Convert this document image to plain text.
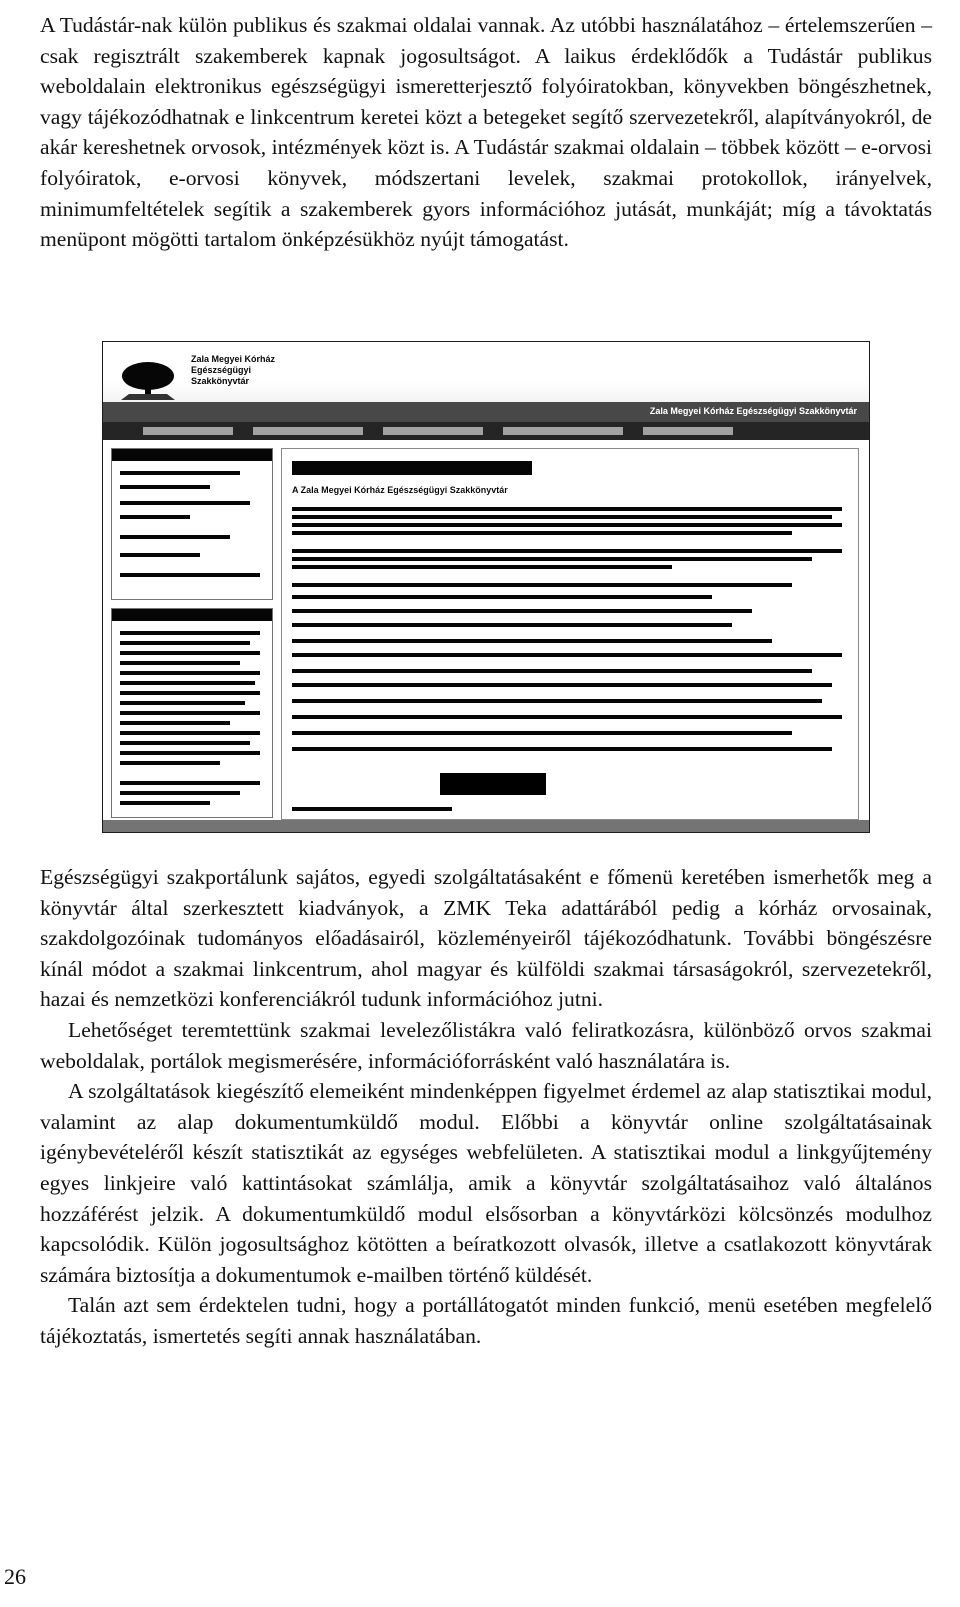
A Tudástár-nak külön publikus és szakmai oldalai vannak. Az utóbbi használatához – értelemszerűen – csak regisztrált szakemberek kapnak jogosultságot. A laikus érdeklődők a Tudástár publikus weboldalain elektronikus egészségügyi ismeretterjesztő folyóiratokban, könyvekben böngészhetnek, vagy tájékozódhatnak e linkcentrum keretei közt a betegeket segítő szervezetekről, alapítványokról, de akár kereshetnek orvosok, intézmények közt is. A Tudástár szakmai oldalain – többek között – e-orvosi folyóiratok, e-orvosi könyvek, módszertani levelek, szakmai protokollok, irányelvek, minimumfeltételek segítik a szakemberek gyors információhoz jutását, munkáját; míg a távoktatás menüpont mögötti tartalom önképzésükhöz nyújt támogatást.

Zala Megyei Kórház
Egészségügyi
Szakkönyvtár
Zala Megyei Kórház Egészségügyi Szakkönyvtár
A Zala Megyei Kórház Egészségügyi Szakkönyvtár

Egészségügyi szakportálunk sajátos, egyedi szolgáltatásaként e főmenü keretében ismerhetők meg a könyvtár által szerkesztett kiadványok, a ZMK Teka adattárából pedig a kórház orvosainak, szakdolgozóinak tudományos előadásairól, közleményeiről tájékozódhatunk. További böngészésre kínál módot a szakmai linkcentrum, ahol magyar és külföldi szakmai társaságokról, szervezetekről, hazai és nemzetközi konferenciákról tudunk információhoz jutni.

Lehetőséget teremtettünk szakmai levelezőlistákra való feliratkozásra, különböző orvos szakmai weboldalak, portálok megismerésére, információforrásként való használatára is.

A szolgáltatások kiegészítő elemeiként mindenképpen figyelmet érdemel az alap statisztikai modul, valamint az alap dokumentumküldő modul. Előbbi a könyvtár online szolgáltatásainak igénybevételéről készít statisztikát az egységes webfelületen. A statisztikai modul a linkgyűjtemény egyes linkjeire való kattintásokat számlálja, amik a könyvtár szolgáltatásaihoz való általános hozzáférést jelzik. A dokumentumküldő modul elsősorban a könyvtárközi kölcsönzés modulhoz kapcsolódik. Külön jogosultsághoz kötötten a beíratkozott olvasók, illetve a csatlakozott könyvtárak számára biztosítja a dokumentumok e-mailben történő küldését.

Talán azt sem érdektelen tudni, hogy a portállátogatót minden funkció, menü esetében megfelelő tájékoztatás, ismertetés segíti annak használatában.

26
